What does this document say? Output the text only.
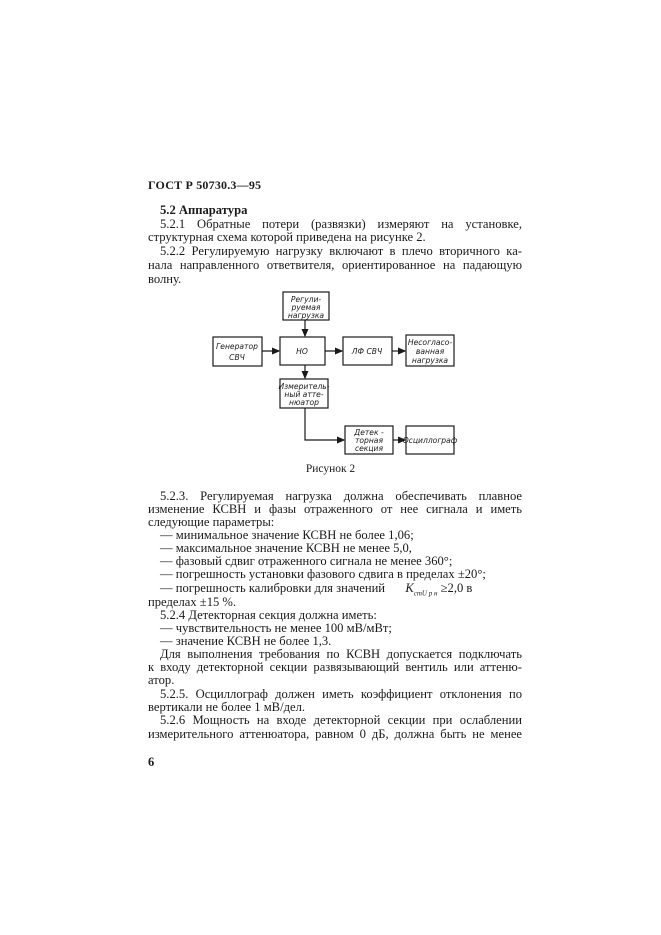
ГОСТ Р 50730.3—95
5.2 Аппаратура
5.2.1 Обратные потери (развязки) измеряют на установке,
структурная схема которой приведена на рисунке 2.
5.2.2 Регулируемую нагрузку включают в плечо вторичного ка-
нала направленного ответвителя, ориентированное на падающую
волну.
Регули-
руемая
нагрузка
Генератор
СВЧ
НО	ЛФ СВЧ
Несогласо-
ванная
нагрузка
Измеритель-
ный атте-
нюатор
Детек -
торная
секция
Осциллограф
Рисунок 2
5.2.3. Регулируемая нагрузка должна обеспечивать плавное
изменение КСВН и фазы отраженного от нее сигнала и иметь
следующие параметры:
— минимальное значение КСВН не более 1,06;
— максимальное значение КСВН не менее 5,0,
— фазовый сдвиг отраженного сигнала не менее 360°;
— погрешность установки фазового сдвига в пределах ±20°;
— погрешность калибровки для значений $K_{стU р н} \ge 2,0$ в
пределах ±15 %.
5.2.4 Детекторная секция должна иметь:
— чувствительность не менее 100 мВ/мВт;
— значение КСВН не более 1,3.
Для выполнения требования по КСВН допускается подключать
к входу детекторной секции развязывающий вентиль или аттеню-
атор.
5.2.5. Осциллограф должен иметь коэффициент отклонения по
вертикали не более 1 мВ/дел.
5.2.6 Мощность на входе детекторной секции при ослаблении
измерительного аттенюатора, равном 0 дБ, должна быть не менее
6
